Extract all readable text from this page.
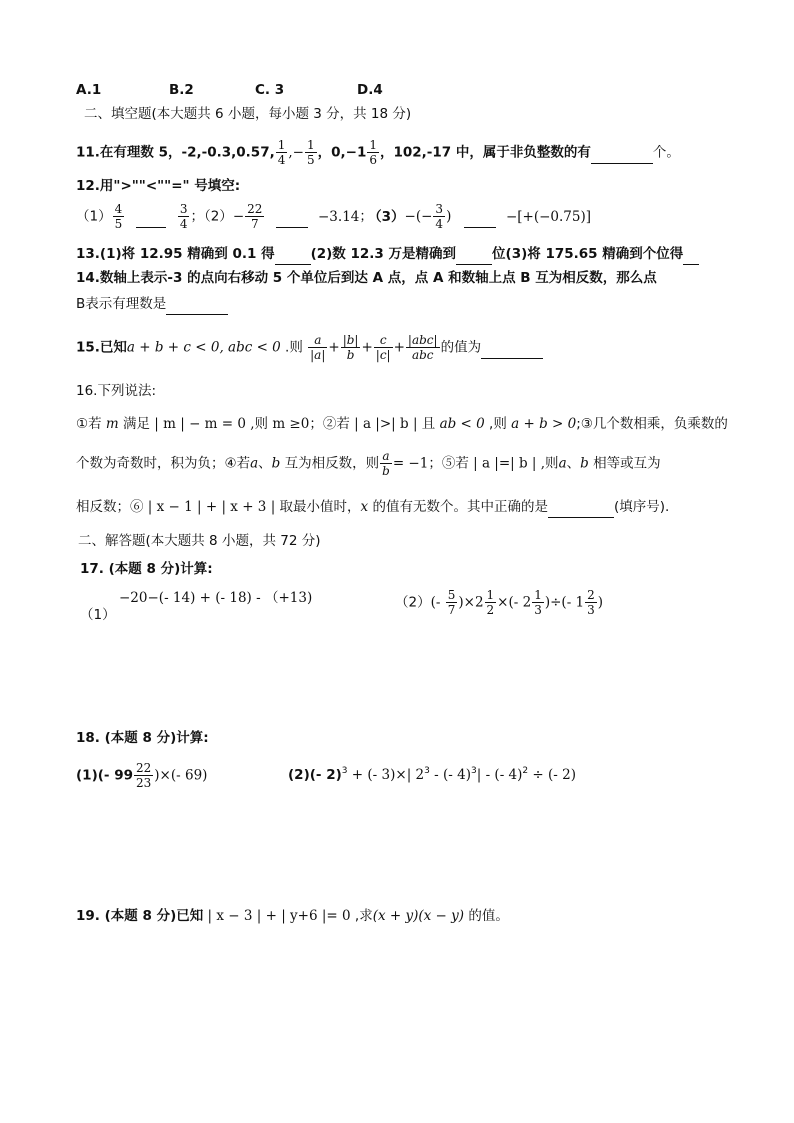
A.1	B.2	C. 3	D.4
二、填空题(本大题共 6 小题，每小题 3 分，共 18 分)
11.在有理数 5，-2,-0.3,0.57, $\frac{1}{4}$ ,− $\frac{1}{5}$ ，$0,-1 \frac{1}{6}$ ，102,-17 中，属于非负整数的有	个。
12.用">""<""=" 号填空:
$(1) \frac{4}{5}$
	$\frac{3}{4}$ ；$(2)- \frac{22}{7}$	−3.14； $(3)-(- \frac{3}{4}$ )	−[+(−0.75)]
13.(1)将 12.95 精确到 0.1 得	(2)数 12.3 万是精确到	位(3)将 175.65 精确到个位得
14.数轴上表示-3 的点向右移动 5 个单位后到达 A 点，点 A 和数轴上点 B 互为相反数，那么点
B表示有理数是
15.已知a + b + c < 0, abc < 0 .则 $\frac{a}{|a|} + \frac{|b|}{b} + \frac{c}{|c|} + \frac{\text{|abc|}}{\text{abc}}$ 的值为
16.下列说法:
①若 m 满足 | m | − m = 0 ,则 m ≥0；②若 | a |>| b | 且 ab < 0 ,则 a + b > 0;③几个数相乘，负乘数的
个数为奇数时，积为负；④若a、b 互为相反数，则 $\frac{a}{b} = -1$；⑤若 | a |=| b | ,则a、b 相等或互为
相反数；⑥ | x − 1 | + | x + 3 | 取最小值时，x 的值有无数个。其中正确的是	(填序号).
二、解答题(本大题共 8 小题，共 72 分)
17. (本题 8 分)计算:
（1）
−20−(- 14) + (- 18) - （+13)	$(2)(- \frac{5}{7} )\times 2 \frac{1}{2}$ ×(- $2 \frac{1}{3}$ )÷(- $1 \frac{2}{3}$ )
18. (本题 8 分)计算:
(1)(- $99 \frac{22}{23}$ )×(- 69)	(2)(- 2)$^3$ + (- 3)×| $2^3$ - (- 4)$^3$| - (- 4)$^2$ ÷ (- 2)
19. (本题 8 分)已知 | x − 3 | + | y+6 |= 0 ,求(x + y)(x − y) 的值。
